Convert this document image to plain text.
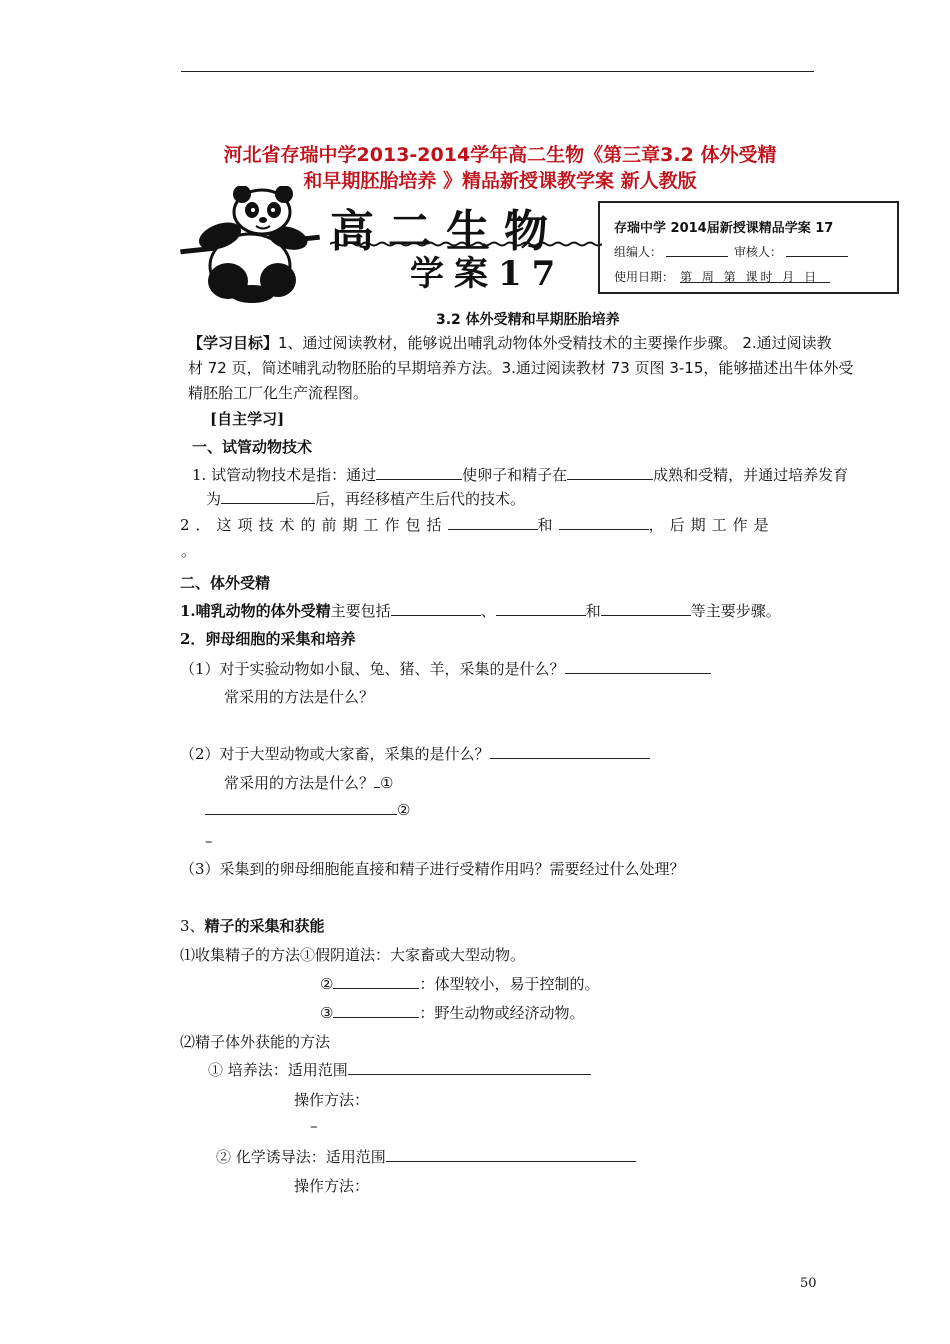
河北省存瑞中学2013-2014学年高二生物《第三章3.2 体外受精
和早期胚胎培养 》精品新授课教学案 新人教版
高二生物
学案17
存瑞中学 2014届新授课精品学案 17
组编人：	审核人：
使用日期： 第 周 第 课时 月 日
3.2 体外受精和早期胚胎培养
【学习目标】1、通过阅读教材，能够说出哺乳动物体外受精技术的主要操作步骤。 2.通过阅读教
材 72 页，简述哺乳动物胚胎的早期培养方法。3.通过阅读教材 73 页图 3-15，能够描述出牛体外受
精胚胎工厂化生产流程图。
[自主学习]
一、试管动物技术
1. 试管动物技术是指：通过	使卵子和精子在	成熟和受精，并通过培养发育
为	后，再经移植产生后代的技术。
2．这项技术的前期工作包括	和	，后期工作是
。
二、体外受精
1.哺乳动物的体外受精主要包括	、	和	等主要步骤。
2．卵母细胞的采集和培养
（1）对于实验动物如小鼠、兔、猪、羊，采集的是什么？
常采用的方法是什么？
（2）对于大型动物或大家畜，采集的是什么？
常采用的方法是什么？ ①
②
–
（3）采集到的卵母细胞能直接和精子进行受精作用吗？需要经过什么处理？
3、精子的采集和获能
⑴收集精子的方法①假阴道法：大家畜或大型动物。
②	：体型较小，易于控制的。
③	：野生动物或经济动物。
⑵精子体外获能的方法
① 培养法：适用范围
操作方法：
–
② 化学诱导法：适用范围
操作方法：
50
